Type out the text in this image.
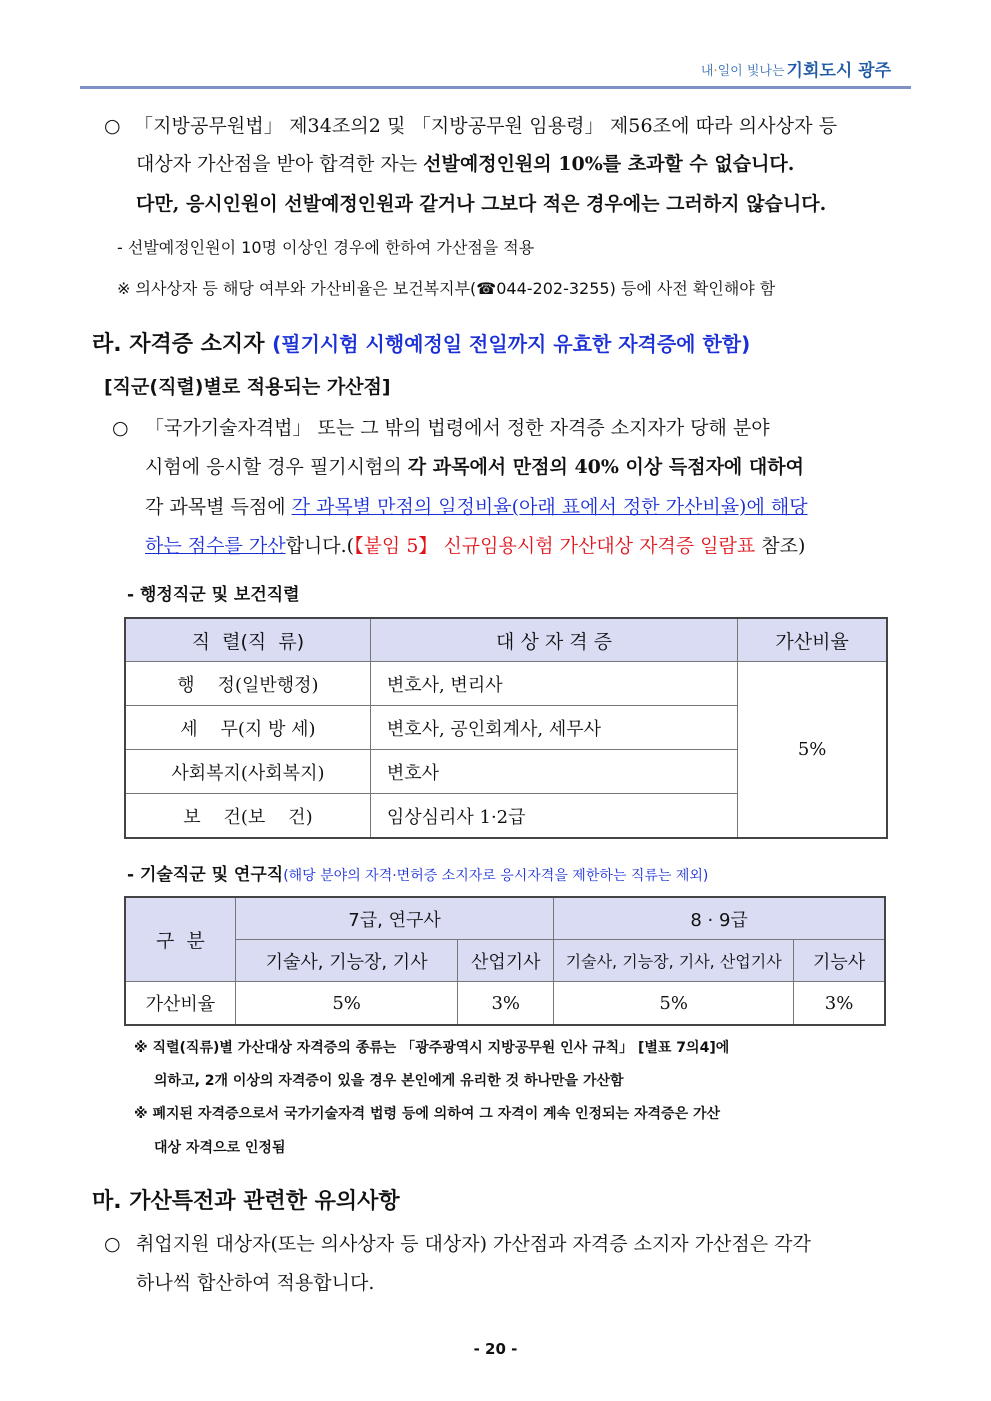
내·일이 빛나는 기회도시 광주
○ 「지방공무원법」 제34조의2 및 「지방공무원 임용령」 제56조에 따라 의사상자 등
대상자 가산점을 받아 합격한 자는 선발예정인원의 10%를 초과할 수 없습니다.
다만, 응시인원이 선발예정인원과 같거나 그보다 적은 경우에는 그러하지 않습니다.
- 선발예정인원이 10명 이상인 경우에 한하여 가산점을 적용
※ 의사상자 등 해당 여부와 가산비율은 보건복지부(☎044-202-3255) 등에 사전 확인해야 함
라. 자격증 소지자 (필기시험 시행예정일 전일까지 유효한 자격증에 한함)
[직군(직렬)별로 적용되는 가산점]
○ 「국가기술자격법」 또는 그 밖의 법령에서 정한 자격증 소지자가 당해 분야
시험에 응시할 경우 필기시험의 각 과목에서 만점의 40% 이상 득점자에 대하여
각 과목별 득점에 각 과목별 만점의 일정비율(아래 표에서 정한 가산비율)에 해당
하는 점수를 가산합니다.(【붙임 5】 신규임용시험 가산대상 자격증 일람표 참조)
- 행정직군 및 보건직렬
직  렬(직  류)	대 상 자 격 증	가산비율
행    정(일반행정)	변호사, 변리사	5%
세    무(지 방 세)	변호사, 공인회계사, 세무사	
사회복지(사회복지)	변호사	
보    건(보    건)	임상심리사 1·2급	
- 기술직군 및 연구직(해당 분야의 자격·면허증 소지자로 응시자격을 제한하는 직류는 제외)
구  분	7급, 연구사		8 · 9급	
	기술사, 기능장, 기사	산업기사	기술사, 기능장, 기사, 산업기사	기능사
가산비율	5%	3%	5%	3%
※ 직렬(직류)별 가산대상 자격증의 종류는 「광주광역시 지방공무원 인사 규칙」 [별표 7의4]에
의하고, 2개 이상의 자격증이 있을 경우 본인에게 유리한 것 하나만을 가산함
※ 폐지된 자격증으로서 국가기술자격 법령 등에 의하여 그 자격이 계속 인정되는 자격증은 가산
대상 자격으로 인정됨
마. 가산특전과 관련한 유의사항
○ 취업지원 대상자(또는 의사상자 등 대상자) 가산점과 자격증 소지자 가산점은 각각
하나씩 합산하여 적용합니다.
- 20 -
